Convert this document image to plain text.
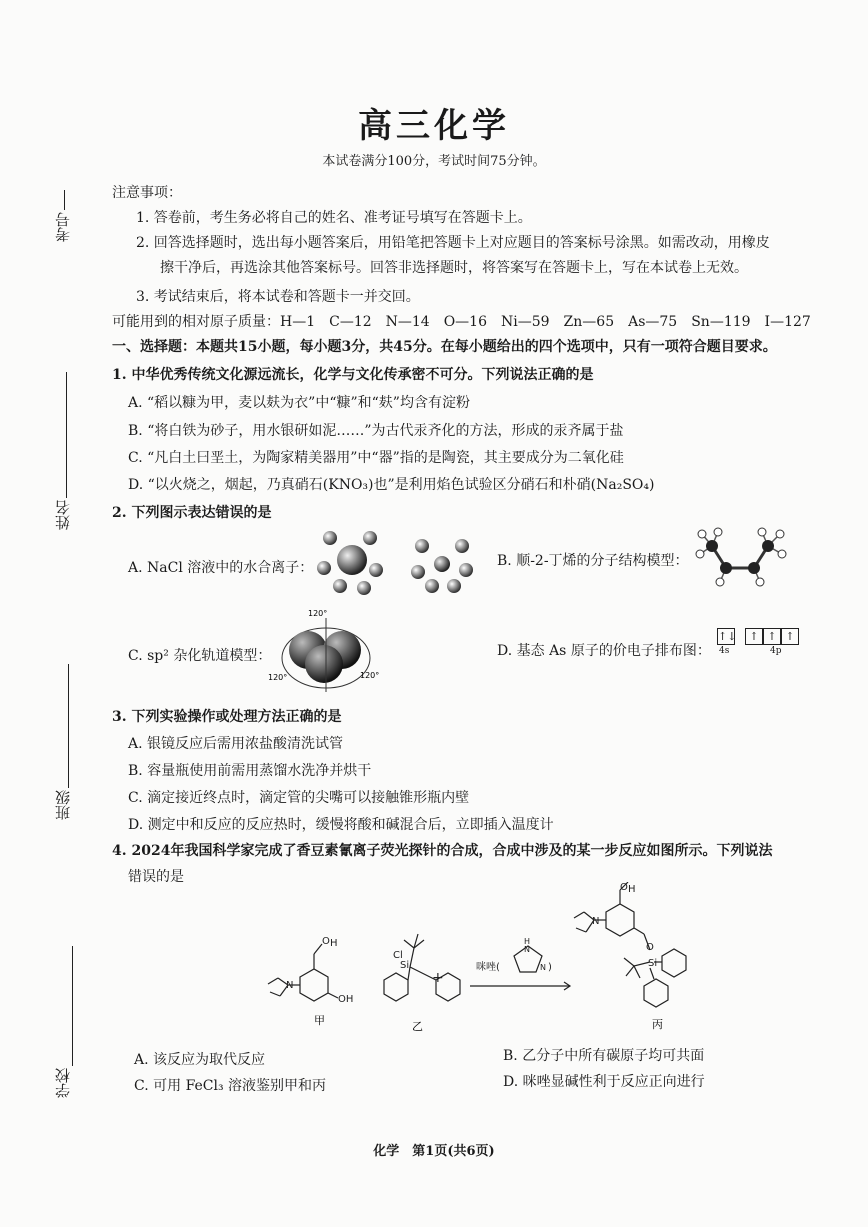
高三化学
本试卷满分100分，考试时间75分钟。
考号
姓名
班级
学校
注意事项：
1. 答卷前，考生务必将自己的姓名、准考证号填写在答题卡上。
2. 回答选择题时，选出每小题答案后，用铅笔把答题卡上对应题目的答案标号涂黑。如需改动，用橡皮
擦干净后，再选涂其他答案标号。回答非选择题时，将答案写在答题卡上，写在本试卷上无效。
3. 考试结束后，将本试卷和答题卡一并交回。
可能用到的相对原子质量：H—1　C—12　N—14　O—16　Ni—59　Zn—65　As—75　Sn—119　I—127
一、选择题：本题共15小题，每小题3分，共45分。在每小题给出的四个选项中，只有一项符合题目要求。
1. 中华优秀传统文化源远流长，化学与文化传承密不可分。下列说法正确的是
A. “稻以糠为甲，麦以麸为衣”中“糠”和“麸”均含有淀粉
B. “将白铁为砂子，用水银研如泥……”为古代汞齐化的方法，形成的汞齐属于盐
C. “凡白土曰垩土，为陶家精美器用”中“器”指的是陶瓷，其主要成分为二氧化硅
D. “以火烧之，烟起，乃真硝石(KNO₃)也”是利用焰色试验区分硝石和朴硝(Na₂SO₄)
2. 下列图示表达错误的是
A. NaCl 溶液中的水合离子：	B. 顺-2-丁烯的分子结构模型：
C. sp² 杂化轨道模型：
120°
120°	120°
D. 基态 As 原子的价电子排布图：
↑↓	↑ ↑ ↑
4s	4p
3. 下列实验操作或处理方法正确的是
A. 银镜反应后需用浓盐酸清洗试管
B. 容量瓶使用前需用蒸馏水洗净并烘干
C. 滴定接近终点时，滴定管的尖嘴可以接触锥形瓶内壁
D. 测定中和反应的反应热时，缓慢将酸和碱混合后，立即插入温度计
4. 2024年我国科学家完成了香豆素氰离子荧光探针的合成，合成中涉及的某一步反应如图所示。下列说法
错误的是
O H
OH
N
Si
Cl
+
咪唑(	)
H
N
N
O H
O
Si
N
甲	乙	丙
A. 该反应为取代反应	B. 乙分子中所有碳原子均可共面
C. 可用 FeCl₃ 溶液鉴别甲和丙	D. 咪唑显碱性利于反应正向进行
化学　第1页(共6页)
